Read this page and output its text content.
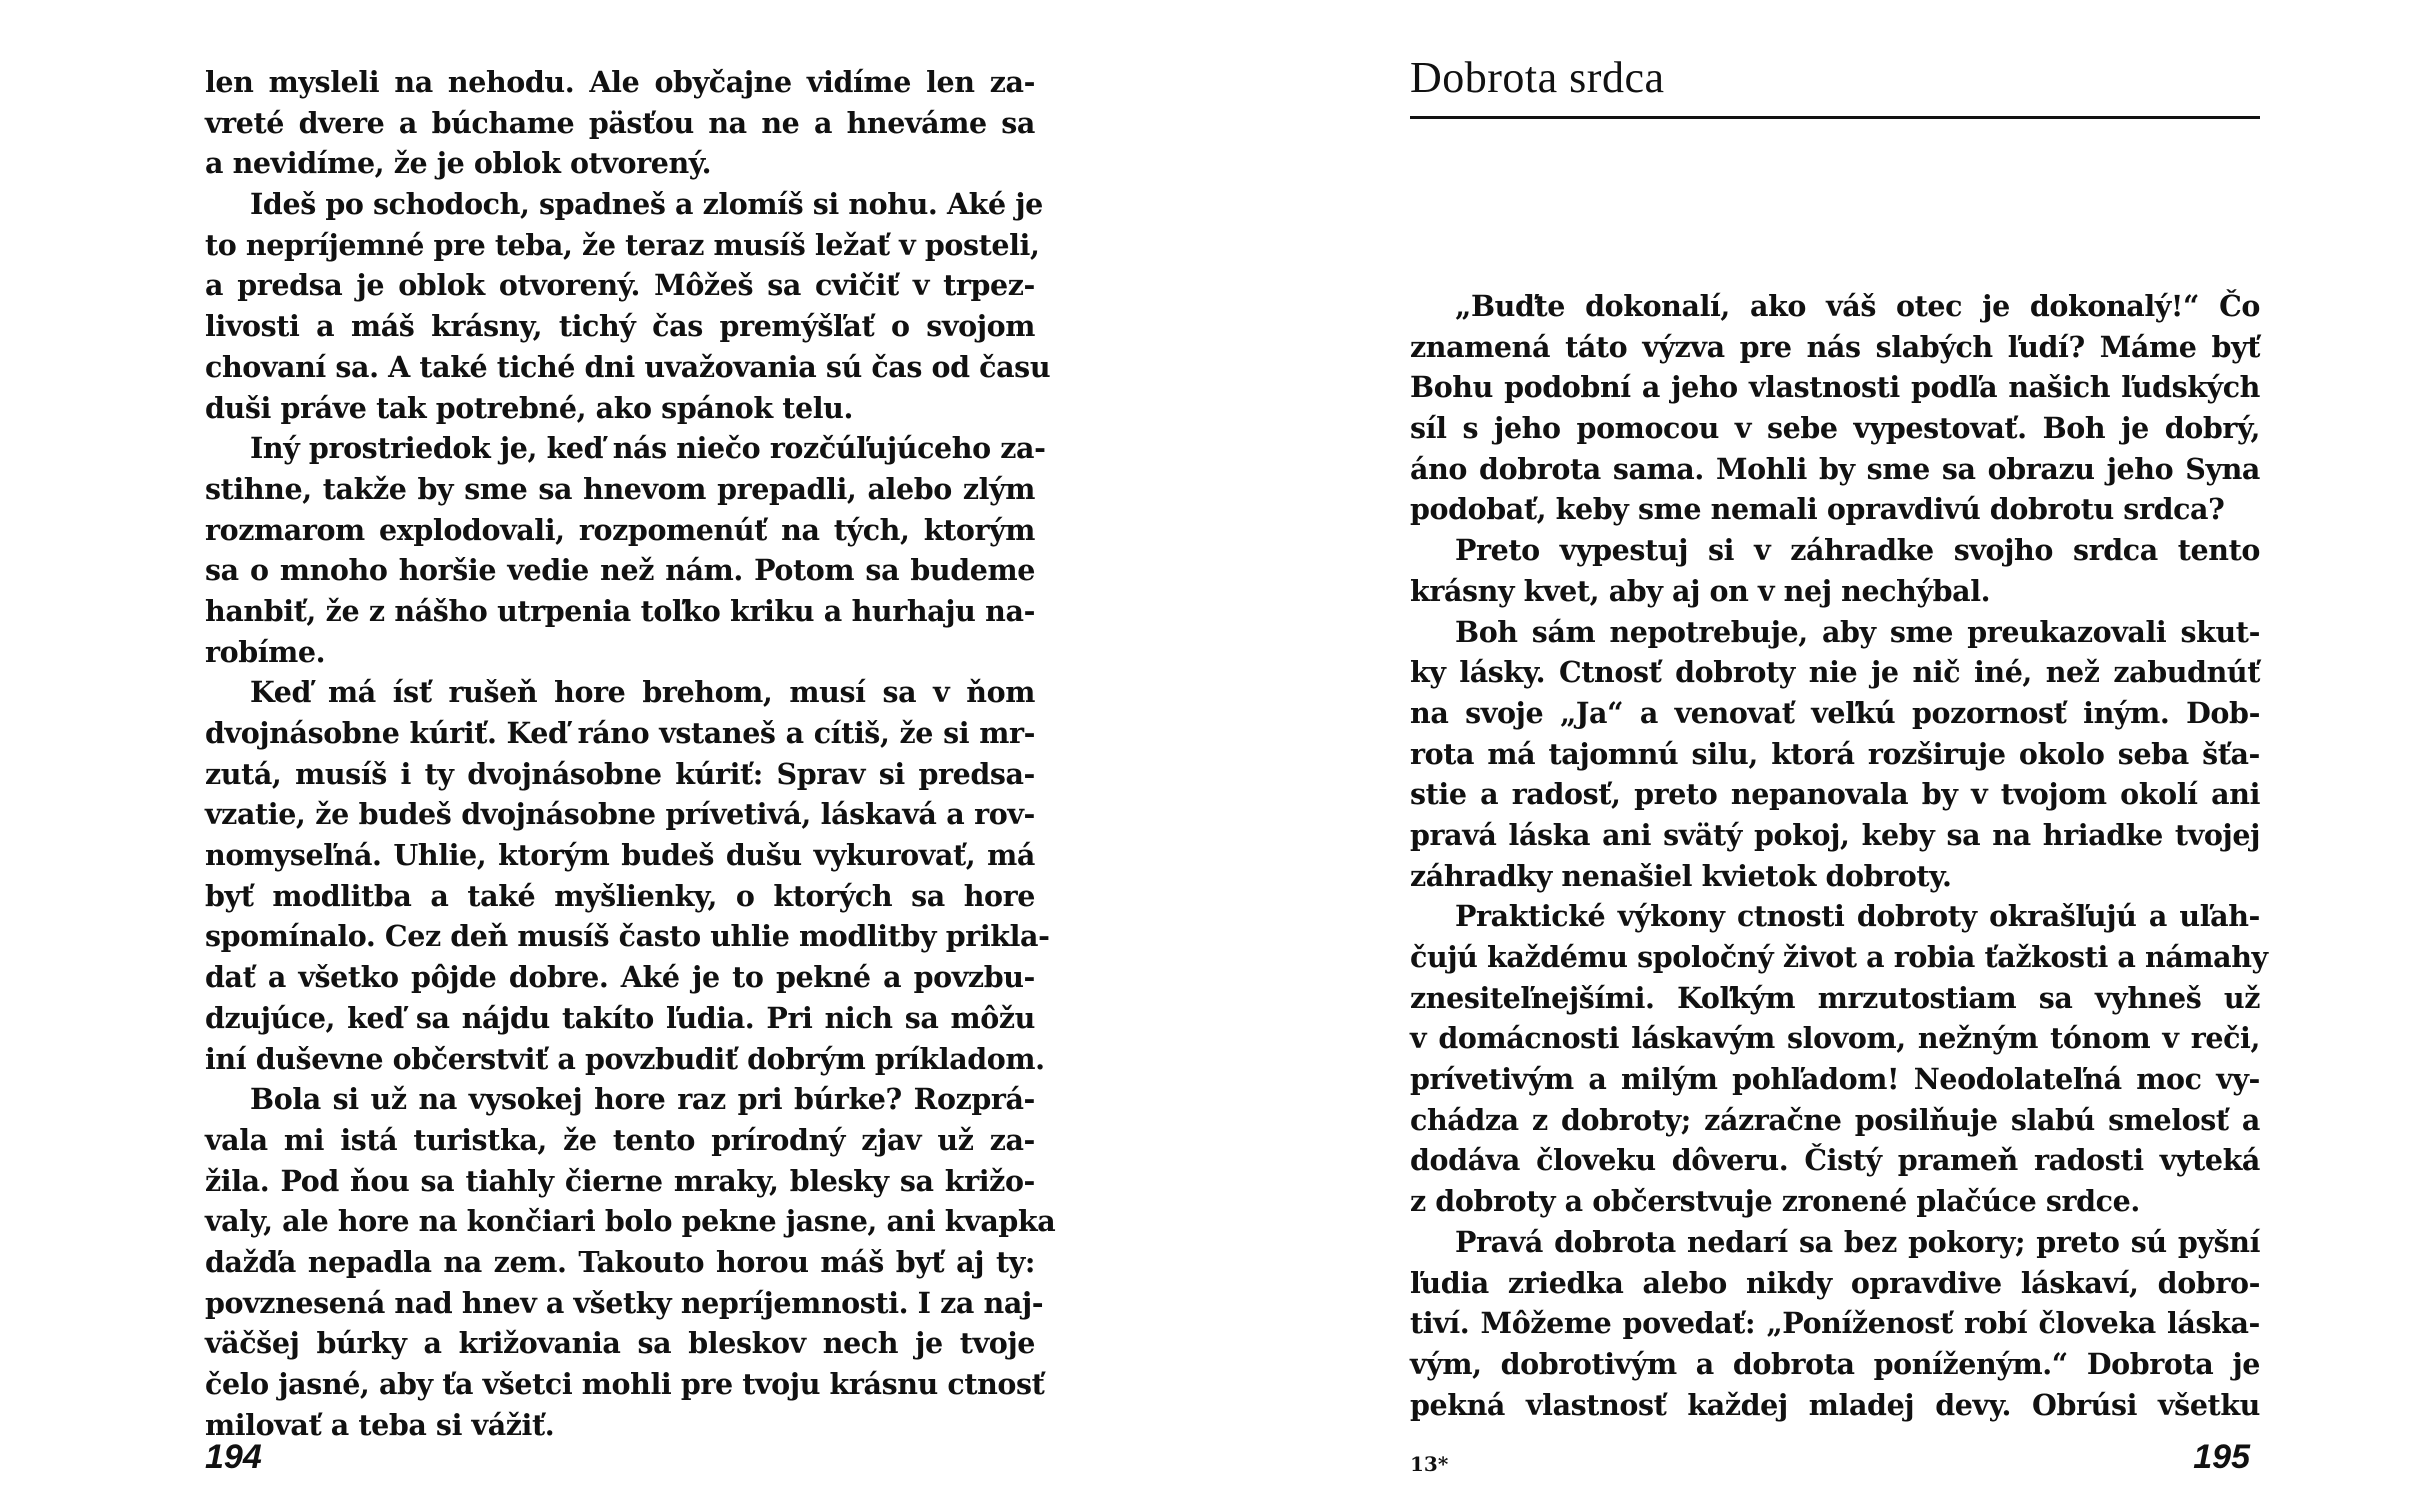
len mysleli na nehodu. Ale obyčajne vidíme len za-
vreté dvere a búchame päsťou na ne a hneváme sa
a nevidíme, že je oblok otvorený.
Ideš po schodoch, spadneš a zlomíš si nohu. Aké je
to nepríjemné pre teba, že teraz musíš ležať v posteli,
a predsa je oblok otvorený. Môžeš sa cvičiť v trpez-
livosti a máš krásny, tichý čas premýšľať o svojom
chovaní sa. A také tiché dni uvažovania sú čas od času
duši práve tak potrebné, ako spánok telu.
Iný prostriedok je, keď nás niečo rozčúľujúceho za-
stihne, takže by sme sa hnevom prepadli, alebo zlým
rozmarom explodovali, rozpomenúť na tých, ktorým
sa o mnoho horšie vedie než nám. Potom sa budeme
hanbiť, že z nášho utrpenia toľko kriku a hurhaju na-
robíme.
Keď má ísť rušeň hore brehom, musí sa v ňom
dvojnásobne kúriť. Keď ráno vstaneš a cítiš, že si mr-
zutá, musíš i ty dvojnásobne kúriť: Sprav si predsa-
vzatie, že budeš dvojnásobne prívetivá, láskavá a rov-
nomyseľná. Uhlie, ktorým budeš dušu vykurovať, má
byť modlitba a také myšlienky, o ktorých sa hore
spomínalo. Cez deň musíš často uhlie modlitby prikla-
dať a všetko pôjde dobre. Aké je to pekné a povzbu-
dzujúce, keď sa nájdu takíto ľudia. Pri nich sa môžu
iní duševne občerstviť a povzbudiť dobrým príkladom.
Bola si už na vysokej hore raz pri búrke? Rozprá-
vala mi istá turistka, že tento prírodný zjav už za-
žila. Pod ňou sa tiahly čierne mraky, blesky sa križo-
valy, ale hore na končiari bolo pekne jasne, ani kvapka
dažďa nepadla na zem. Takouto horou máš byť aj ty:
povznesená nad hnev a všetky nepríjemnosti. I za naj-
väčšej búrky a križovania sa bleskov nech je tvoje
čelo jasné, aby ťa všetci mohli pre tvoju krásnu ctnosť
milovať a teba si vážiť.
194
Dobrota srdca
„Buďte dokonalí, ako váš otec je dokonalý!“ Čo
znamená táto výzva pre nás slabých ľudí? Máme byť
Bohu podobní a jeho vlastnosti podľa našich ľudských
síl s jeho pomocou v sebe vypestovať. Boh je dobrý,
áno dobrota sama. Mohli by sme sa obrazu jeho Syna
podobať, keby sme nemali opravdivú dobrotu srdca?
Preto vypestuj si v záhradke svojho srdca tento
krásny kvet, aby aj on v nej nechýbal.
Boh sám nepotrebuje, aby sme preukazovali skut-
ky lásky. Ctnosť dobroty nie je nič iné, než zabudnúť
na svoje „Ja“ a venovať veľkú pozornosť iným. Dob-
rota má tajomnú silu, ktorá rozširuje okolo seba šťa-
stie a radosť, preto nepanovala by v tvojom okolí ani
pravá láska ani svätý pokoj, keby sa na hriadke tvojej
záhradky nenašiel kvietok dobroty.
Praktické výkony ctnosti dobroty okrašľujú a uľah-
čujú každému spoločný život a robia ťažkosti a námahy
znesiteľnejšími. Koľkým mrzutostiam sa vyhneš už
v domácnosti láskavým slovom, nežným tónom v reči,
prívetivým a milým pohľadom! Neodolateľná moc vy-
chádza z dobroty; zázračne posilňuje slabú smelosť a
dodáva človeku dôveru. Čistý prameň radosti vyteká
z dobroty a občerstvuje zronené plačúce srdce.
Pravá dobrota nedarí sa bez pokory; preto sú pyšní
ľudia zriedka alebo nikdy opravdive láskaví, dobro-
tiví. Môžeme povedať: „Poníženosť robí človeka láska-
vým, dobrotivým a dobrota poníženým.“ Dobrota je
pekná vlastnosť každej mladej devy. Obrúsi všetku
13*	195
